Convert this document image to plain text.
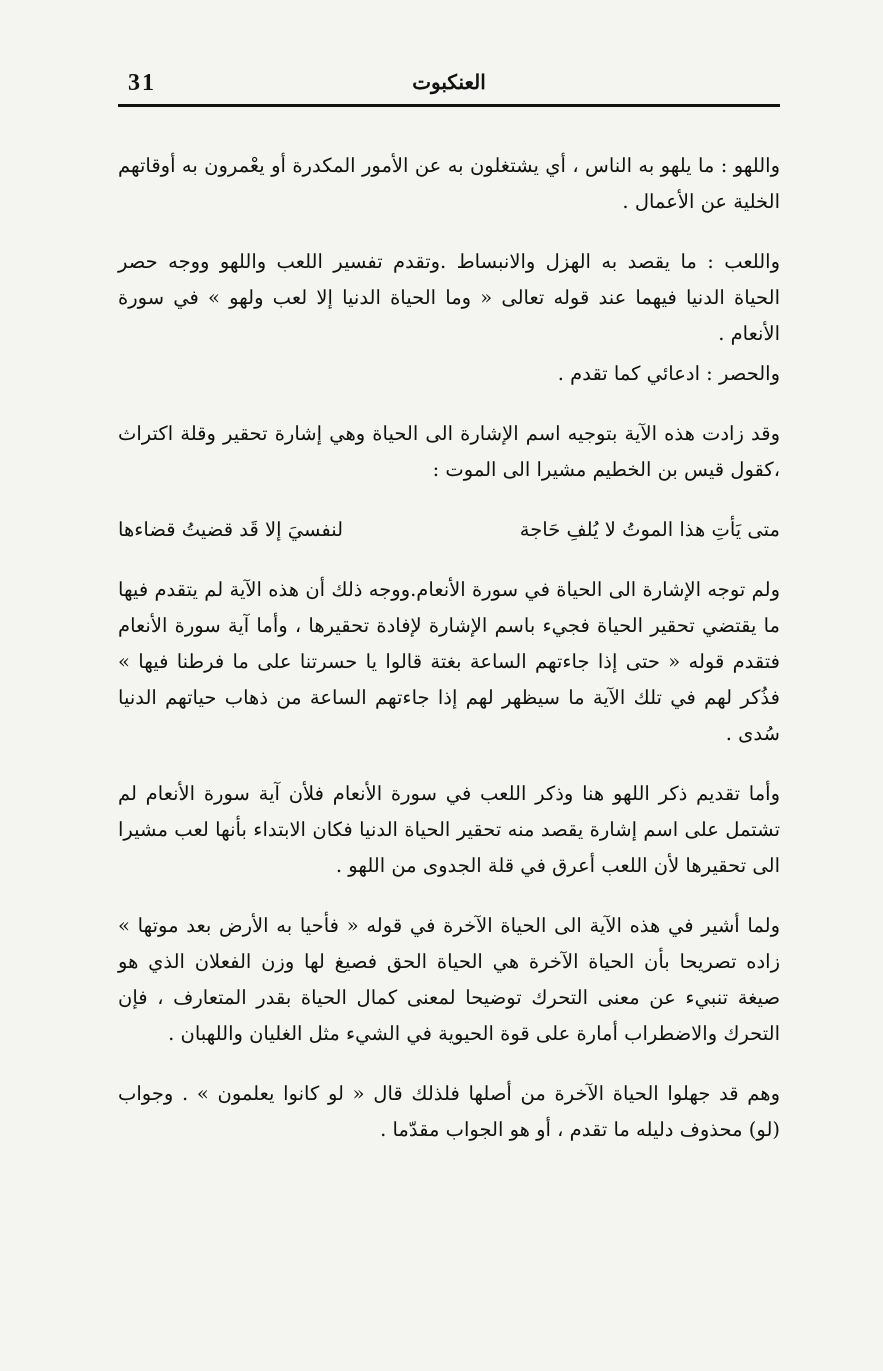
31	العنكبوت

واللهو : ما يلهو به الناس ، أي يشتغلون به عن الأمور المكدرة أو يعْمرون به أوقاتهم الخلية عن الأعمال .

واللعب : ما يقصد به الهزل والانبساط .وتقدم تفسير اللعب واللهو ووجه حصر الحياة الدنيا فيهما عند قوله تعالى « وما الحياة الدنيا إلا لعب ولهو » في سورة الأنعام .

والحصر : ادعائي كما تقدم .

وقد زادت هذه الآية بتوجيه اسم الإشارة الى الحياة وهي إشارة تحقير وقلة اكتراث ،كقول قيس بن الخطيم مشيرا الى الموت :

متى يَأتِ هذا الموتُ لا يُلفِ حَاجة
لنفسيَ إلا قَد قضيتُ قضاءها

ولم توجه الإشارة الى الحياة في سورة الأنعام.ووجه ذلك أن هذه الآية لم يتقدم فيها ما يقتضي تحقير الحياة فجيء باسم الإشارة لإفادة تحقيرها ، وأما آية سورة الأنعام فتقدم قوله « حتى إذا جاءتهم الساعة بغتة قالوا يا حسرتنا على ما فرطنا فيها » فذُكر لهم في تلك الآية ما سيظهر لهم إذا جاءتهم الساعة من ذهاب حياتهم الدنيا سُدى .

وأما تقديم ذكر اللهو هنا وذكر اللعب في سورة الأنعام فلأن آية سورة الأنعام لم تشتمل على اسم إشارة يقصد منه تحقير الحياة الدنيا فكان الابتداء بأنها لعب مشيرا الى تحقيرها لأن اللعب أعرق في قلة الجدوى من اللهو .

ولما أشير في هذه الآية الى الحياة الآخرة في قوله « فأحيا به الأرض بعد موتها » زاده تصريحا بأن الحياة الآخرة هي الحياة الحق فصيغ لها وزن الفعلان الذي هو صيغة تنبيء عن معنى التحرك توضيحا لمعنى كمال الحياة بقدر المتعارف ، فإن التحرك والاضطراب أمارة على قوة الحيوية في الشيء مثل الغليان واللهبان .

وهم قد جهلوا الحياة الآخرة من أصلها فلذلك قال « لو كانوا يعلمون » . وجواب (لو) محذوف دليله ما تقدم ، أو هو الجواب مقدّما .
